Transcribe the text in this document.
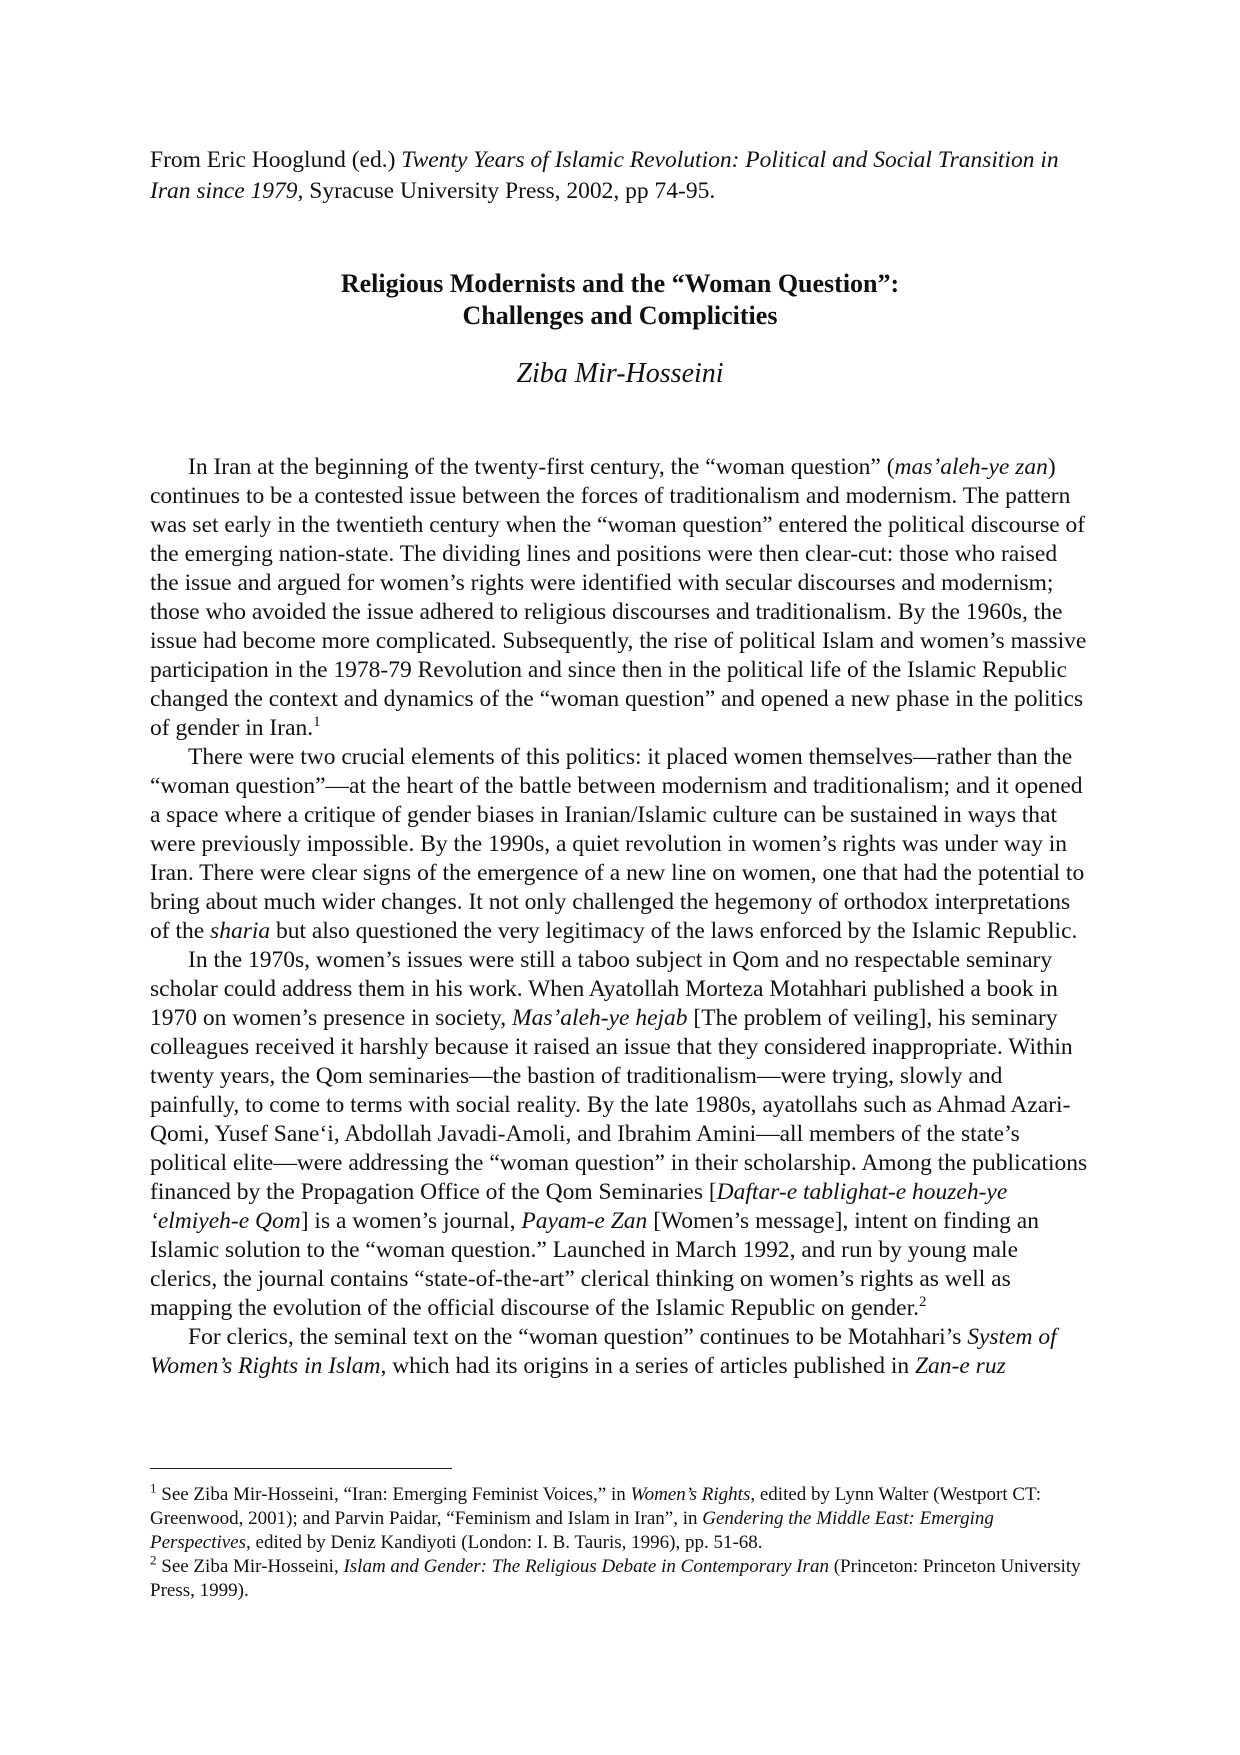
From Eric Hooglund (ed.) Twenty Years of Islamic Revolution: Political and Social Transition in Iran since 1979, Syracuse University Press, 2002, pp 74-95.

Religious Modernists and the “Woman Question”:
Challenges and Complicities

Ziba Mir-Hosseini

In Iran at the beginning of the twenty-first century, the “woman question” (mas’aleh-ye zan) continues to be a contested issue between the forces of traditionalism and modernism. The pattern was set early in the twentieth century when the “woman question” entered the political discourse of the emerging nation-state. The dividing lines and positions were then clear-cut: those who raised the issue and argued for women’s rights were identified with secular discourses and modernism; those who avoided the issue adhered to religious discourses and traditionalism. By the 1960s, the issue had become more complicated. Subsequently, the rise of political Islam and women’s massive participation in the 1978-79 Revolution and since then in the political life of the Islamic Republic changed the context and dynamics of the “woman question” and opened a new phase in the politics of gender in Iran.$^1$

There were two crucial elements of this politics: it placed women themselves—rather than the “woman question”—at the heart of the battle between modernism and traditionalism; and it opened a space where a critique of gender biases in Iranian/Islamic culture can be sustained in ways that were previously impossible. By the 1990s, a quiet revolution in women’s rights was under way in Iran. There were clear signs of the emergence of a new line on women, one that had the potential to bring about much wider changes. It not only challenged the hegemony of orthodox interpretations of the sharia but also questioned the very legitimacy of the laws enforced by the Islamic Republic.

In the 1970s, women’s issues were still a taboo subject in Qom and no respectable seminary scholar could address them in his work. When Ayatollah Morteza Motahhari published a book in 1970 on women’s presence in society, Mas’aleh-ye hejab [The problem of veiling], his seminary colleagues received it harshly because it raised an issue that they considered inappropriate. Within twenty years, the Qom seminaries—the bastion of traditionalism—were trying, slowly and painfully, to come to terms with social reality. By the late 1980s, ayatollahs such as Ahmad Azari-Qomi, Yusef Sane‘i, Abdollah Javadi-Amoli, and Ibrahim Amini—all members of the state’s political elite—were addressing the “woman question” in their scholarship. Among the publications financed by the Propagation Office of the Qom Seminaries [Daftar-e tablighat-e houzeh-ye ‘elmiyeh-e Qom] is a women’s journal, Payam-e Zan [Women’s message], intent on finding an Islamic solution to the “woman question.” Launched in March 1992, and run by young male clerics, the journal contains “state-of-the-art” clerical thinking on women’s rights as well as mapping the evolution of the official discourse of the Islamic Republic on gender.$^2$

For clerics, the seminal text on the “woman question” continues to be Motahhari’s System of Women’s Rights in Islam, which had its origins in a series of articles published in Zan-e ruz

$^1$ See Ziba Mir-Hosseini, “Iran: Emerging Feminist Voices,” in Women’s Rights, edited by Lynn Walter (Westport CT: Greenwood, 2001); and Parvin Paidar, “Feminism and Islam in Iran”, in Gendering the Middle East: Emerging Perspectives, edited by Deniz Kandiyoti (London: I. B. Tauris, 1996), pp. 51-68.

$^2$ See Ziba Mir-Hosseini, Islam and Gender: The Religious Debate in Contemporary Iran (Princeton: Princeton University Press, 1999).
